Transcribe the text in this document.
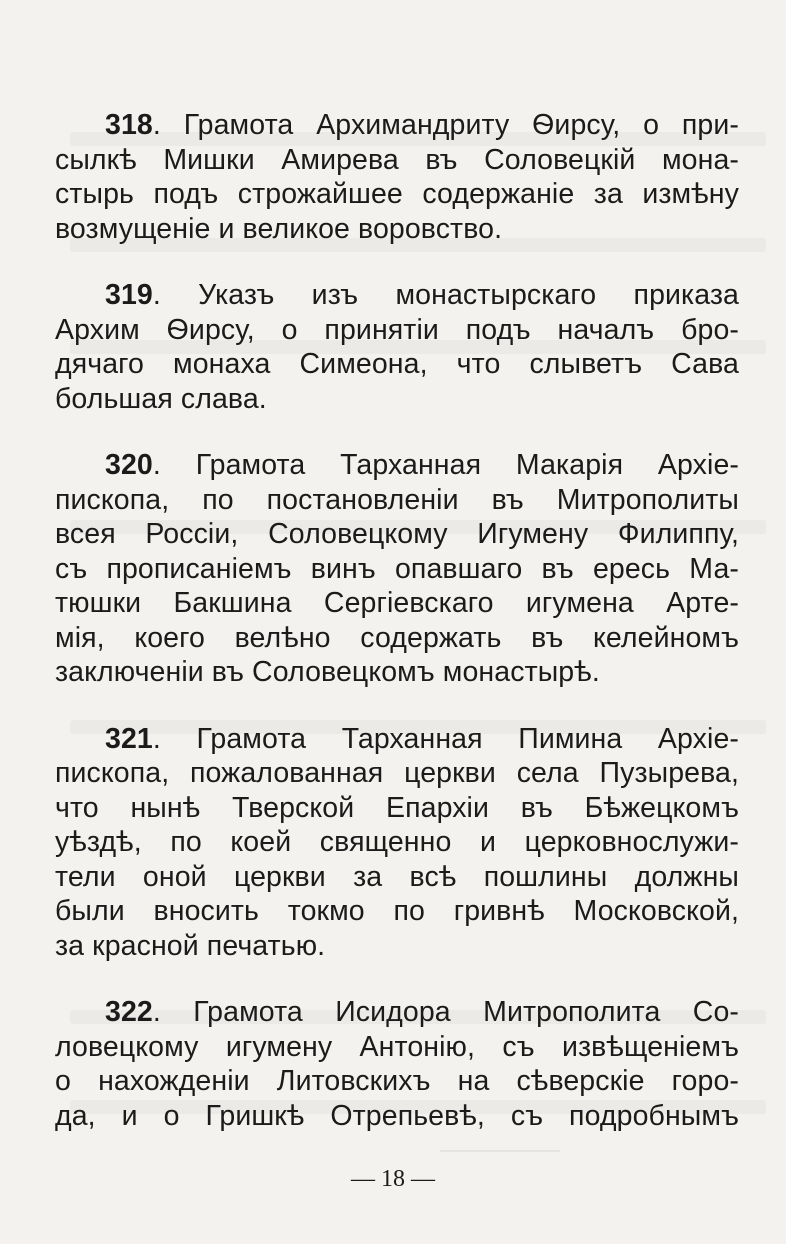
318. Грамота Архимандриту Ѳирсу, о при-
сылкѣ Мишки Амирева въ Соловецкій мона-
стырь подъ строжайшее содержаніе за измѣну
возмущеніе и великое воровство.
319. Указъ изъ монастырскаго приказа
Архим Ѳирсу, о принятіи подъ началъ бро-
дячаго монаха Симеона, что слыветъ Сава
большая слава.
320. Грамота Тарханная Макарія Архіе-
пископа, по постановленіи въ Митрополиты
всея Россіи, Соловецкому Игумену Филиппу,
съ прописаніемъ винъ опавшаго въ ересь Ма-
тюшки Бакшина Сергіевскаго игумена Арте-
мія, коего велѣно содержать въ келейномъ
заключеніи въ Соловецкомъ монастырѣ.
321. Грамота Тарханная Пимина Архіе-
пископа, пожалованная церкви села Пузырева,
что нынѣ Тверской Епархіи въ Бѣжецкомъ
уѣздѣ, по коей священно и церковнослужи-
тели оной церкви за всѣ пошлины должны
были вносить токмо по гривнѣ Московской,
за красной печатью.
322. Грамота Исидора Митрополита Со-
ловецкому игумену Антонію, съ извѣщеніемъ
о нахожденіи Литовскихъ на сѣверскіе горо-
да, и о Гришкѣ Отрепьевѣ, съ подробнымъ
— 18 —
